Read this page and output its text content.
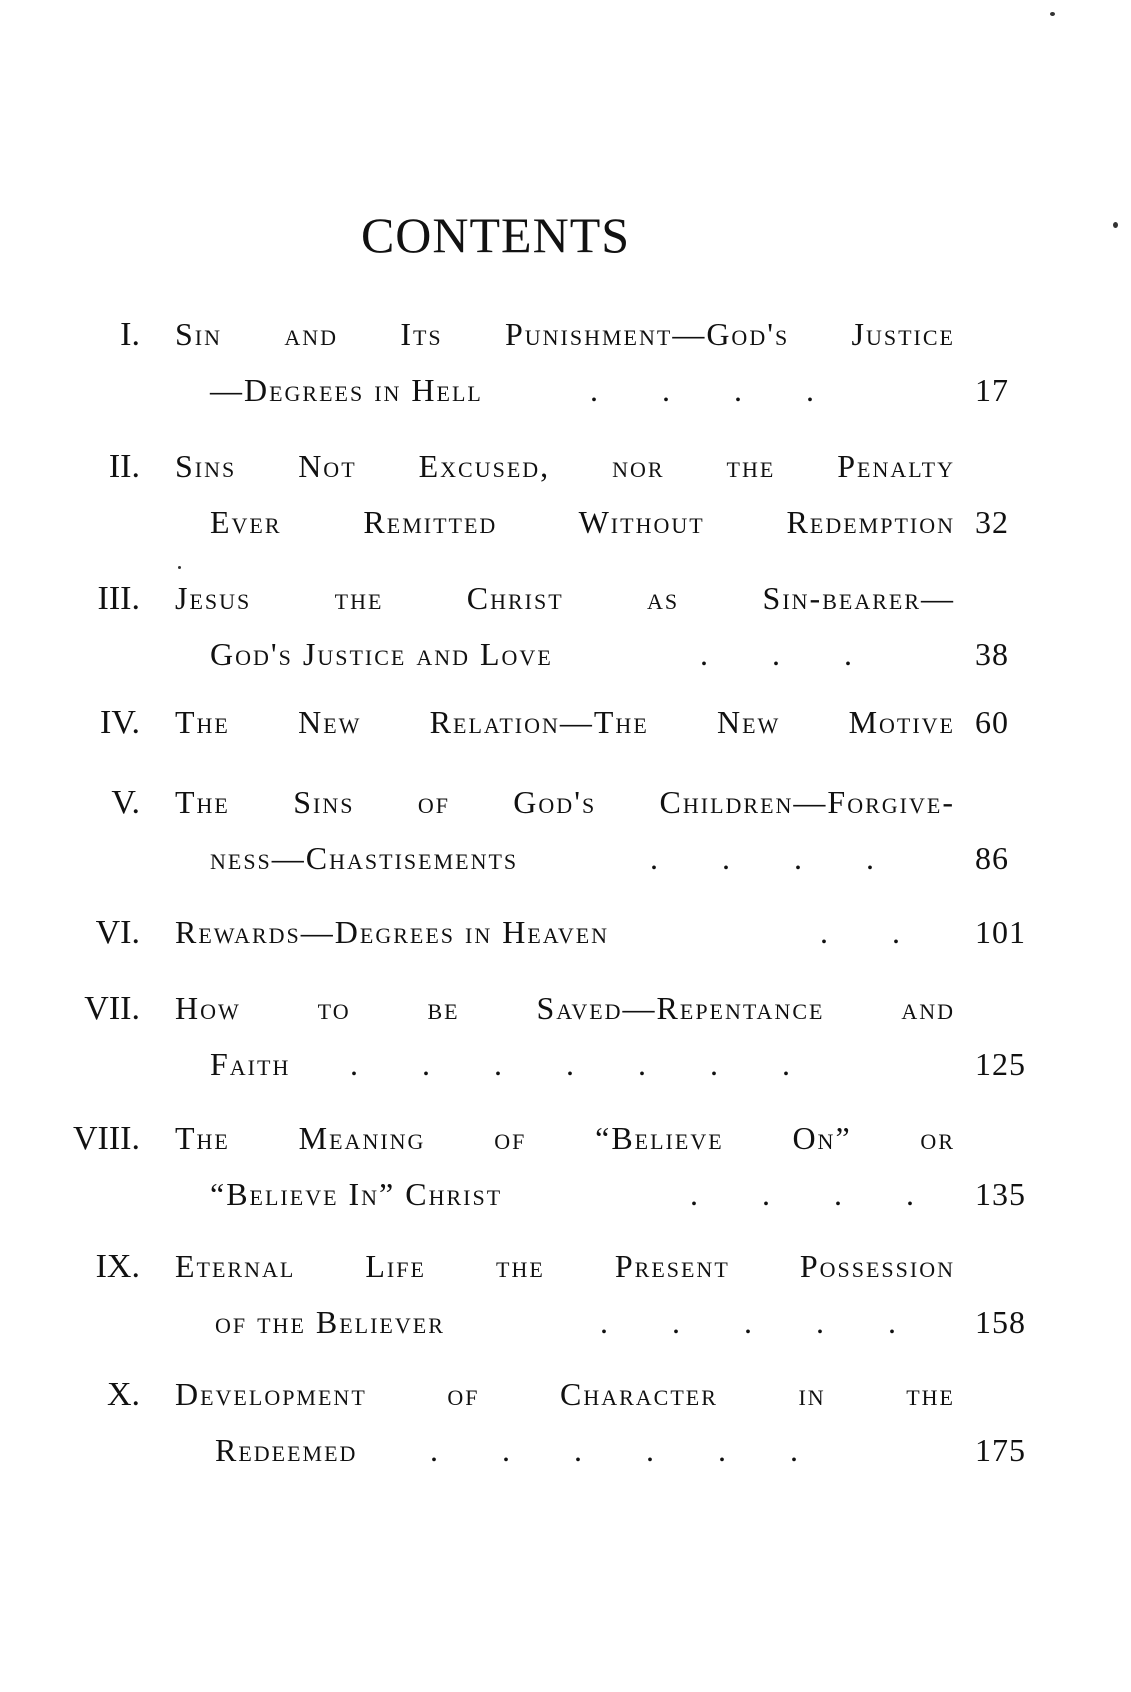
CONTENTS
I. Sin and Its Punishment—God's Justice
—Degrees in Hell	.        .        .        .	17
II. Sins Not Excused, nor the Penalty
Ever Remitted Without Redemption 32
III. Jesus the Christ as Sin-bearer—
God's Justice and Love	.        .        .	38
IV. The New Relation—The New Motive 60
V. The Sins of God's Children—Forgive-
ness—Chastisements	.        .        .        .	86
VI. Rewards—Degrees in Heaven	.        .	101
VII. How to be Saved—Repentance and
Faith .        .        .        .        .        .        .	125
VIII. The Meaning of “Believe On” or
“Believe In” Christ	.        .        .        .	135
IX. Eternal Life the Present Possession
of the Believer	.        .        .        .        .	158
X. Development of Character in the
Redeemed .        .        .        .        .        .	175
